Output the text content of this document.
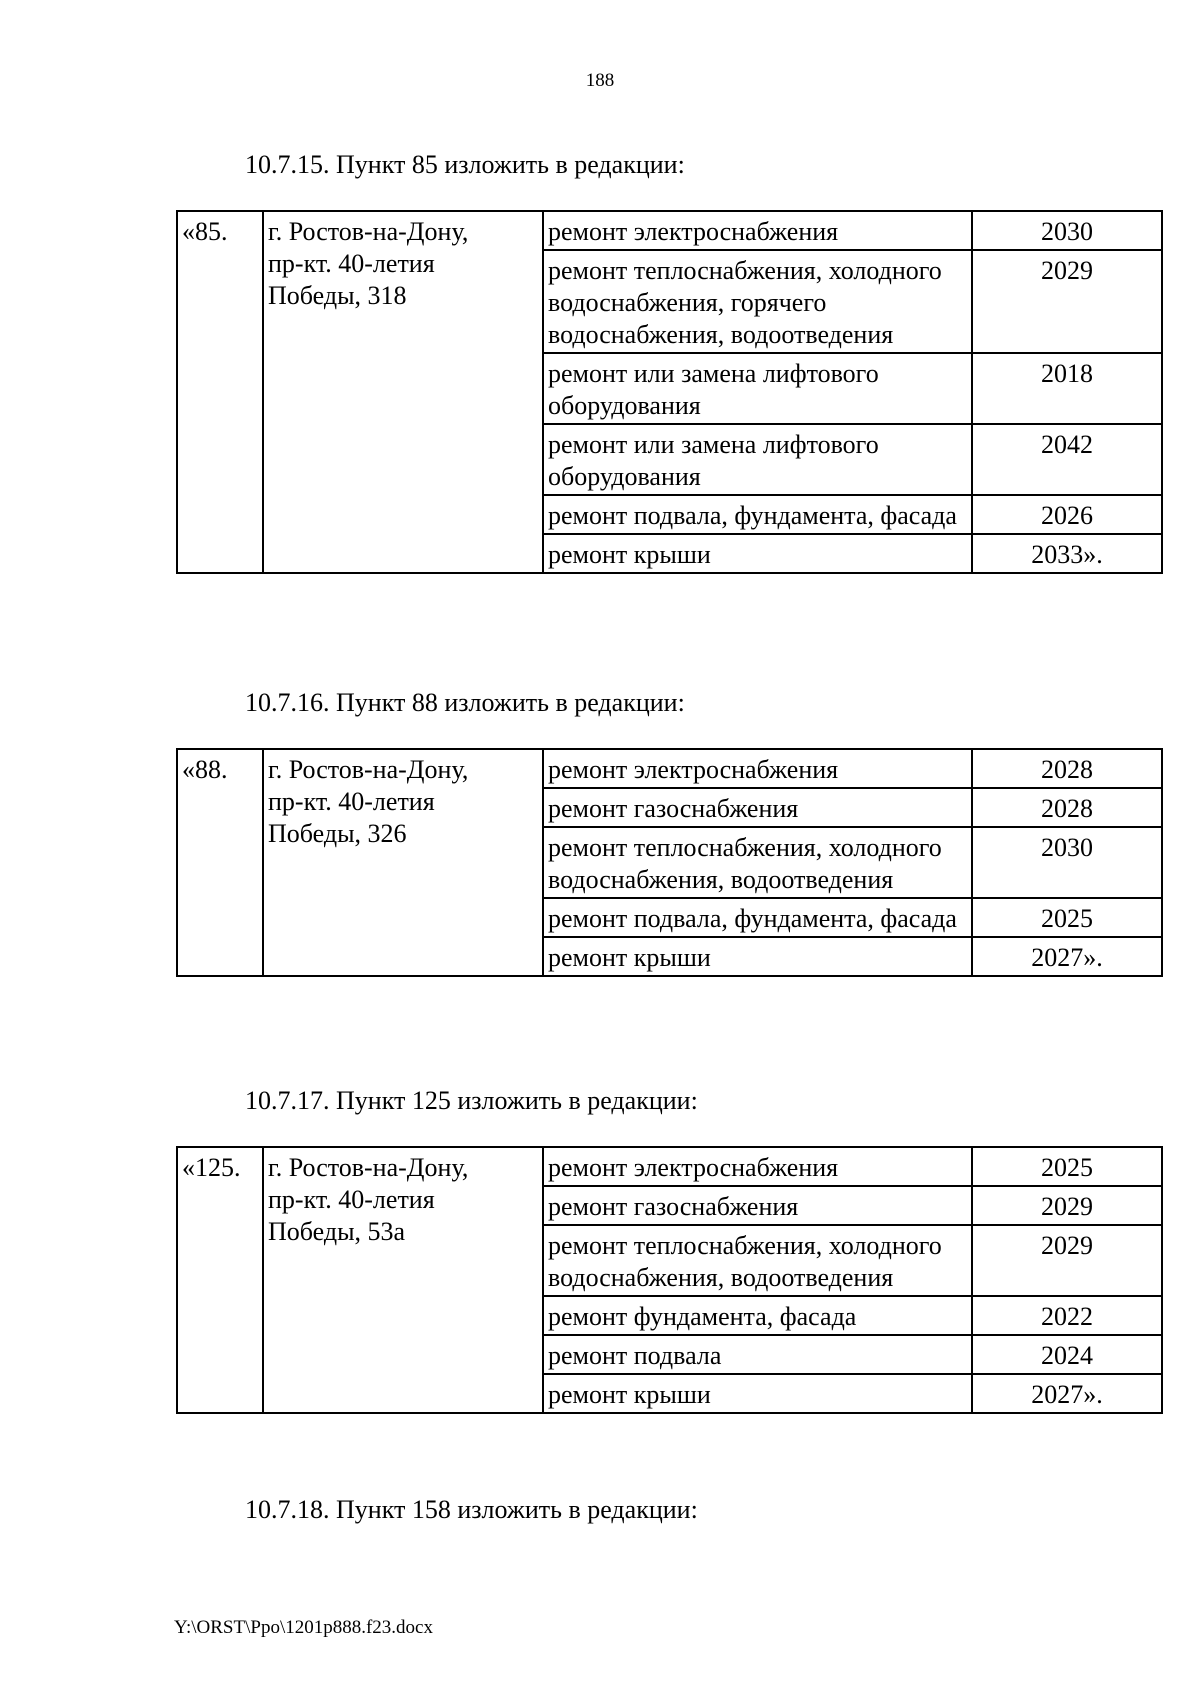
188
10.7.15. Пункт 85 изложить в редакции:
«85.	г. Ростов-на-Дону,
пр-кт. 40-летия
Победы, 318	ремонт электроснабжения	2030
		ремонт теплоснабжения, холодного водоснабжения, горячего водоснабжения, водоотведения	2029
		ремонт или замена лифтового оборудования	2018
		ремонт или замена лифтового оборудования	2042
		ремонт подвала, фундамента, фасада	2026
		ремонт крыши	2033».
10.7.16. Пункт 88 изложить в редакции:
«88.	г. Ростов-на-Дону,
пр-кт. 40-летия
Победы, 326	ремонт электроснабжения	2028
		ремонт газоснабжения	2028
		ремонт теплоснабжения, холодного водоснабжения, водоотведения	2030
		ремонт подвала, фундамента, фасада	2025
		ремонт крыши	2027».
10.7.17. Пункт 125 изложить в редакции:
«125.	г. Ростов-на-Дону,
пр-кт. 40-летия
Победы, 53а	ремонт электроснабжения	2025
		ремонт газоснабжения	2029
		ремонт теплоснабжения, холодного водоснабжения, водоотведения	2029
		ремонт фундамента, фасада	2022
		ремонт подвала	2024
		ремонт крыши	2027».
10.7.18. Пункт 158 изложить в редакции:
Y:\ORST\Ppo\1201p888.f23.docx
